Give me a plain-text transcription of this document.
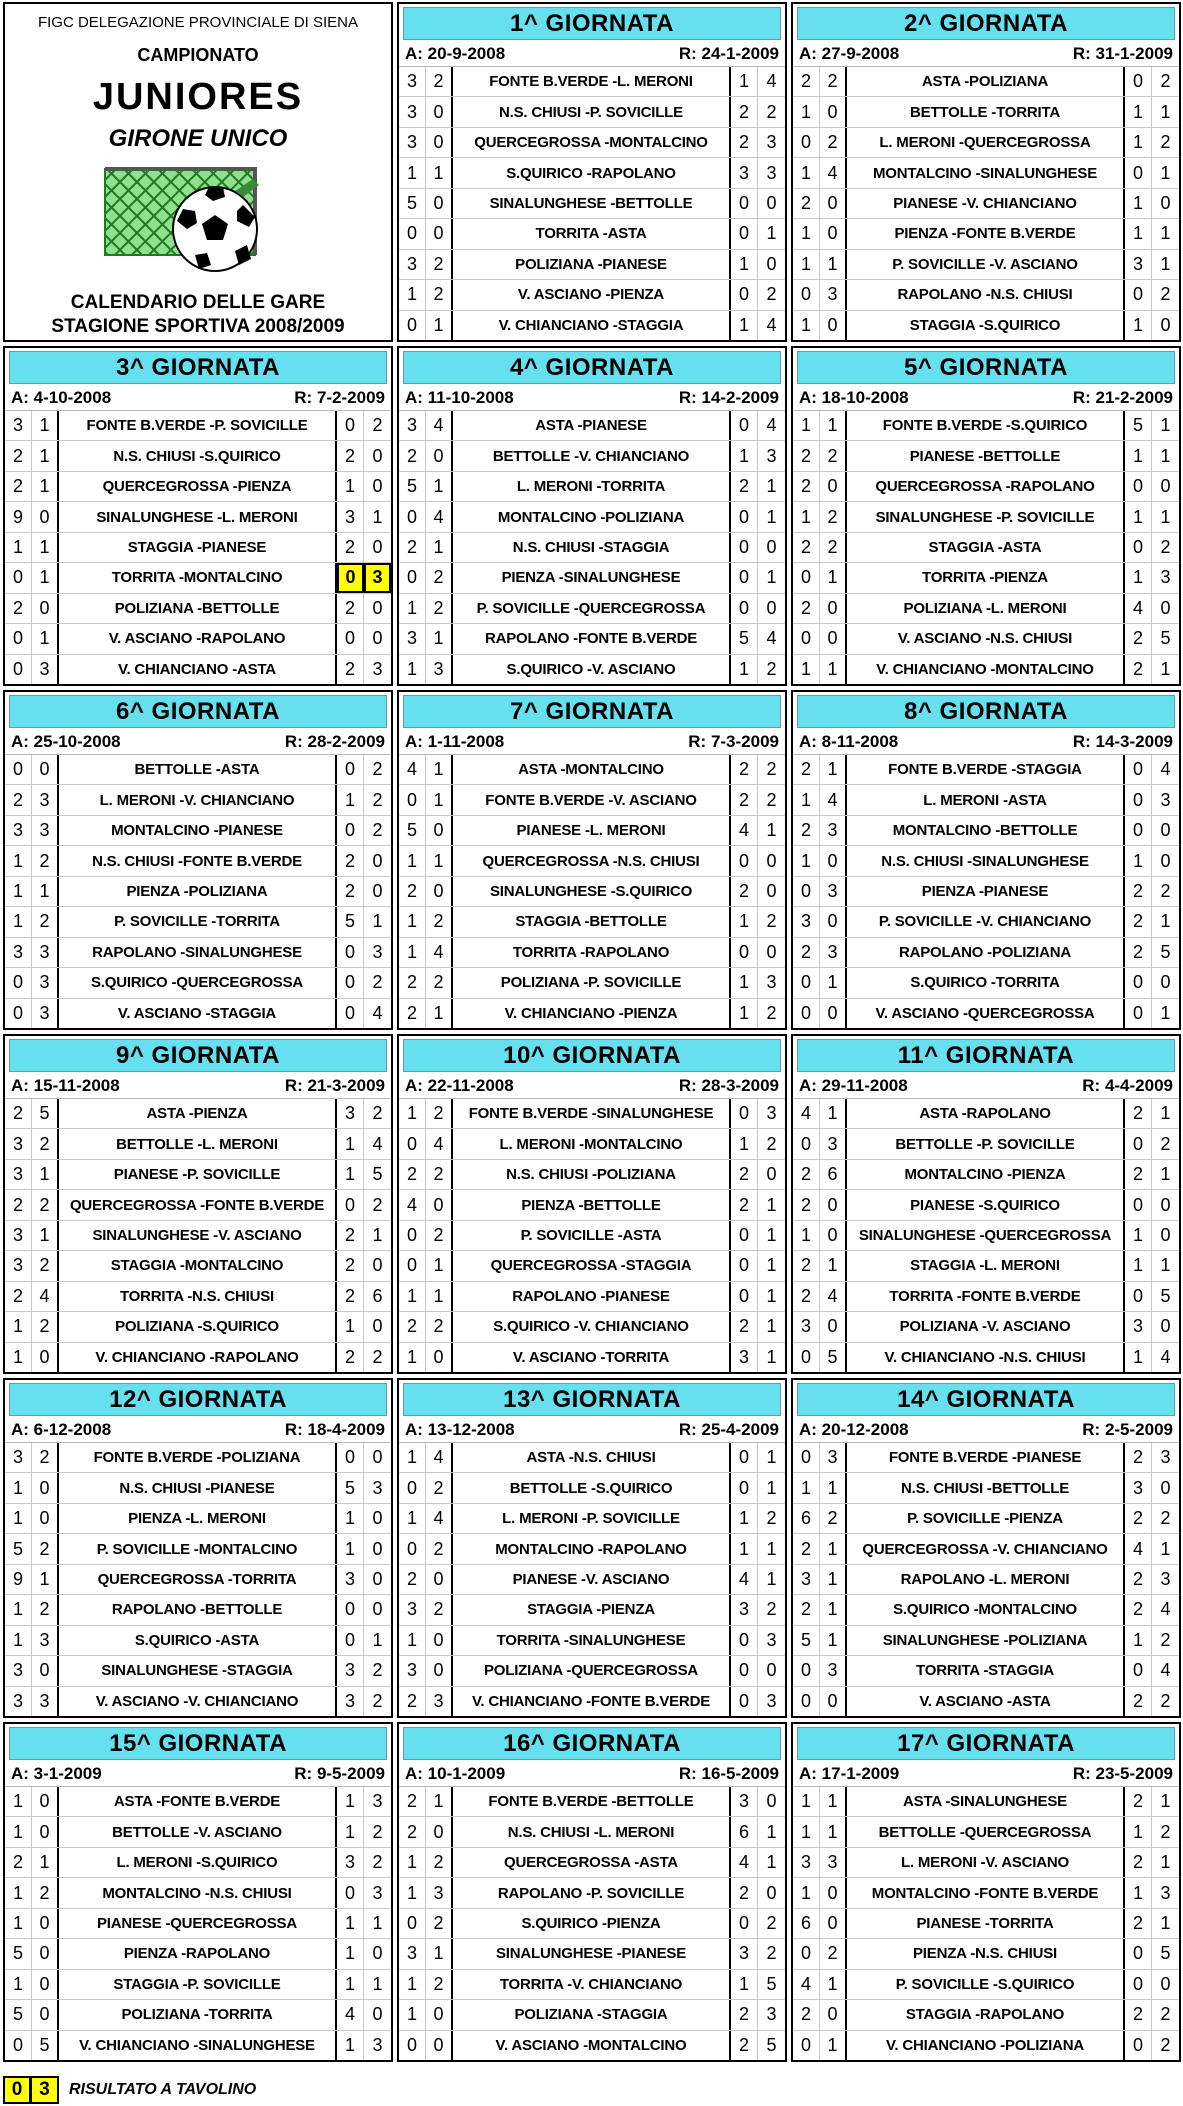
FIGC DELEGAZIONE PROVINCIALE DI SIENA
CAMPIONATO
JUNIORES
GIRONE UNICO
CALENDARIO DELLE GARE
STAGIONE SPORTIVA 2008/2009
1^ GIORNATA
A: 20-9-2008	R: 24-1-2009
3 2	FONTE B.VERDE -L. MERONI	1 4
3 0	N.S. CHIUSI -P. SOVICILLE	2 2
3 0	QUERCEGROSSA -MONTALCINO	2 3
1 1	S.QUIRICO -RAPOLANO	3 3
5 0	SINALUNGHESE -BETTOLLE	0 0
0 0	TORRITA -ASTA	0 1
3 2	POLIZIANA -PIANESE	1 0
1 2	V. ASCIANO -PIENZA	0 2
0 1	V. CHIANCIANO -STAGGIA	1 4
2^ GIORNATA
A: 27-9-2008	R: 31-1-2009
2 2	ASTA -POLIZIANA	0 2
1 0	BETTOLLE -TORRITA	1 1
0 2	L. MERONI -QUERCEGROSSA	1 2
1 4	MONTALCINO -SINALUNGHESE	0 1
2 0	PIANESE -V. CHIANCIANO	1 0
1 0	PIENZA -FONTE B.VERDE	1 1
1 1	P. SOVICILLE -V. ASCIANO	3 1
0 3	RAPOLANO -N.S. CHIUSI	0 2
1 0	STAGGIA -S.QUIRICO	1 0
3^ GIORNATA
A: 4-10-2008	R: 7-2-2009
3 1	FONTE B.VERDE -P. SOVICILLE	0 2
2 1	N.S. CHIUSI -S.QUIRICO	2 0
2 1	QUERCEGROSSA -PIENZA	1 0
9 0	SINALUNGHESE -L. MERONI	3 1
1 1	STAGGIA -PIANESE	2 0
0 1	TORRITA -MONTALCINO	0 3
2 0	POLIZIANA -BETTOLLE	2 0
0 1	V. ASCIANO -RAPOLANO	0 0
0 3	V. CHIANCIANO -ASTA	2 3
4^ GIORNATA
A: 11-10-2008	R: 14-2-2009
3 4	ASTA -PIANESE	0 4
2 0	BETTOLLE -V. CHIANCIANO	1 3
5 1	L. MERONI -TORRITA	2 1
0 4	MONTALCINO -POLIZIANA	0 1
2 1	N.S. CHIUSI -STAGGIA	0 0
0 2	PIENZA -SINALUNGHESE	0 1
1 2	P. SOVICILLE -QUERCEGROSSA	0 0
3 1	RAPOLANO -FONTE B.VERDE	5 4
1 3	S.QUIRICO -V. ASCIANO	1 2
5^ GIORNATA
A: 18-10-2008	R: 21-2-2009
1 1	FONTE B.VERDE -S.QUIRICO	5 1
2 2	PIANESE -BETTOLLE	1 1
2 0	QUERCEGROSSA -RAPOLANO	0 0
1 2	SINALUNGHESE -P. SOVICILLE	1 1
2 2	STAGGIA -ASTA	0 2
0 1	TORRITA -PIENZA	1 3
2 0	POLIZIANA -L. MERONI	4 0
0 0	V. ASCIANO -N.S. CHIUSI	2 5
1 1	V. CHIANCIANO -MONTALCINO	2 1
6^ GIORNATA
A: 25-10-2008	R: 28-2-2009
0 0	BETTOLLE -ASTA	0 2
2 3	L. MERONI -V. CHIANCIANO	1 2
3 3	MONTALCINO -PIANESE	0 2
1 2	N.S. CHIUSI -FONTE B.VERDE	2 0
1 1	PIENZA -POLIZIANA	2 0
1 2	P. SOVICILLE -TORRITA	5 1
3 3	RAPOLANO -SINALUNGHESE	0 3
0 3	S.QUIRICO -QUERCEGROSSA	0 2
0 3	V. ASCIANO -STAGGIA	0 4
7^ GIORNATA
A: 1-11-2008	R: 7-3-2009
4 1	ASTA -MONTALCINO	2 2
0 1	FONTE B.VERDE -V. ASCIANO	2 2
5 0	PIANESE -L. MERONI	4 1
1 1	QUERCEGROSSA -N.S. CHIUSI	0 0
2 0	SINALUNGHESE -S.QUIRICO	2 0
1 2	STAGGIA -BETTOLLE	1 2
1 4	TORRITA -RAPOLANO	0 0
2 2	POLIZIANA -P. SOVICILLE	1 3
2 1	V. CHIANCIANO -PIENZA	1 2
8^ GIORNATA
A: 8-11-2008	R: 14-3-2009
2 1	FONTE B.VERDE -STAGGIA	0 4
1 4	L. MERONI -ASTA	0 3
2 3	MONTALCINO -BETTOLLE	0 0
1 0	N.S. CHIUSI -SINALUNGHESE	1 0
0 3	PIENZA -PIANESE	2 2
3 0	P. SOVICILLE -V. CHIANCIANO	2 1
2 3	RAPOLANO -POLIZIANA	2 5
0 1	S.QUIRICO -TORRITA	0 0
0 0	V. ASCIANO -QUERCEGROSSA	0 1
9^ GIORNATA
A: 15-11-2008	R: 21-3-2009
2 5	ASTA -PIENZA	3 2
3 2	BETTOLLE -L. MERONI	1 4
3 1	PIANESE -P. SOVICILLE	1 5
2 2	QUERCEGROSSA -FONTE B.VERDE	0 2
3 1	SINALUNGHESE -V. ASCIANO	2 1
3 2	STAGGIA -MONTALCINO	2 0
2 4	TORRITA -N.S. CHIUSI	2 6
1 2	POLIZIANA -S.QUIRICO	1 0
1 0	V. CHIANCIANO -RAPOLANO	2 2
10^ GIORNATA
A: 22-11-2008	R: 28-3-2009
1 2	FONTE B.VERDE -SINALUNGHESE	0 3
0 4	L. MERONI -MONTALCINO	1 2
2 2	N.S. CHIUSI -POLIZIANA	2 0
4 0	PIENZA -BETTOLLE	2 1
0 2	P. SOVICILLE -ASTA	0 1
0 1	QUERCEGROSSA -STAGGIA	0 1
1 1	RAPOLANO -PIANESE	0 1
2 2	S.QUIRICO -V. CHIANCIANO	2 1
1 0	V. ASCIANO -TORRITA	3 1
11^ GIORNATA
A: 29-11-2008	R: 4-4-2009
4 1	ASTA -RAPOLANO	2 1
0 3	BETTOLLE -P. SOVICILLE	0 2
2 6	MONTALCINO -PIENZA	2 1
2 0	PIANESE -S.QUIRICO	0 0
1 0	SINALUNGHESE -QUERCEGROSSA	1 0
2 1	STAGGIA -L. MERONI	1 1
2 4	TORRITA -FONTE B.VERDE	0 5
3 0	POLIZIANA -V. ASCIANO	3 0
0 5	V. CHIANCIANO -N.S. CHIUSI	1 4
12^ GIORNATA
A: 6-12-2008	R: 18-4-2009
3 2	FONTE B.VERDE -POLIZIANA	0 0
1 0	N.S. CHIUSI -PIANESE	5 3
1 0	PIENZA -L. MERONI	1 0
5 2	P. SOVICILLE -MONTALCINO	1 0
9 1	QUERCEGROSSA -TORRITA	3 0
1 2	RAPOLANO -BETTOLLE	0 0
1 3	S.QUIRICO -ASTA	0 1
3 0	SINALUNGHESE -STAGGIA	3 2
3 3	V. ASCIANO -V. CHIANCIANO	3 2
13^ GIORNATA
A: 13-12-2008	R: 25-4-2009
1 4	ASTA -N.S. CHIUSI	0 1
0 2	BETTOLLE -S.QUIRICO	0 1
1 4	L. MERONI -P. SOVICILLE	1 2
0 2	MONTALCINO -RAPOLANO	1 1
2 0	PIANESE -V. ASCIANO	4 1
3 2	STAGGIA -PIENZA	3 2
1 0	TORRITA -SINALUNGHESE	0 3
3 0	POLIZIANA -QUERCEGROSSA	0 0
2 3	V. CHIANCIANO -FONTE B.VERDE	0 3
14^ GIORNATA
A: 20-12-2008	R: 2-5-2009
0 3	FONTE B.VERDE -PIANESE	2 3
1 1	N.S. CHIUSI -BETTOLLE	3 0
6 2	P. SOVICILLE -PIENZA	2 2
2 1	QUERCEGROSSA -V. CHIANCIANO	4 1
3 1	RAPOLANO -L. MERONI	2 3
2 1	S.QUIRICO -MONTALCINO	2 4
5 1	SINALUNGHESE -POLIZIANA	1 2
0 3	TORRITA -STAGGIA	0 4
0 0	V. ASCIANO -ASTA	2 2
15^ GIORNATA
A: 3-1-2009	R: 9-5-2009
1 0	ASTA -FONTE B.VERDE	1 3
1 0	BETTOLLE -V. ASCIANO	1 2
2 1	L. MERONI -S.QUIRICO	3 2
1 2	MONTALCINO -N.S. CHIUSI	0 3
1 0	PIANESE -QUERCEGROSSA	1 1
5 0	PIENZA -RAPOLANO	1 0
1 0	STAGGIA -P. SOVICILLE	1 1
5 0	POLIZIANA -TORRITA	4 0
0 5	V. CHIANCIANO -SINALUNGHESE	1 3
16^ GIORNATA
A: 10-1-2009	R: 16-5-2009
2 1	FONTE B.VERDE -BETTOLLE	3 0
2 0	N.S. CHIUSI -L. MERONI	6 1
1 2	QUERCEGROSSA -ASTA	4 1
1 3	RAPOLANO -P. SOVICILLE	2 0
0 2	S.QUIRICO -PIENZA	0 2
3 1	SINALUNGHESE -PIANESE	3 2
1 2	TORRITA -V. CHIANCIANO	1 5
1 0	POLIZIANA -STAGGIA	2 3
0 0	V. ASCIANO -MONTALCINO	2 5
17^ GIORNATA
A: 17-1-2009	R: 23-5-2009
1 1	ASTA -SINALUNGHESE	2 1
1 1	BETTOLLE -QUERCEGROSSA	1 2
3 3	L. MERONI -V. ASCIANO	2 1
1 0	MONTALCINO -FONTE B.VERDE	1 3
6 0	PIANESE -TORRITA	2 1
0 2	PIENZA -N.S. CHIUSI	0 5
4 1	P. SOVICILLE -S.QUIRICO	0 0
2 0	STAGGIA -RAPOLANO	2 2
0 1	V. CHIANCIANO -POLIZIANA	0 2
0 3	RISULTATO A TAVOLINO
